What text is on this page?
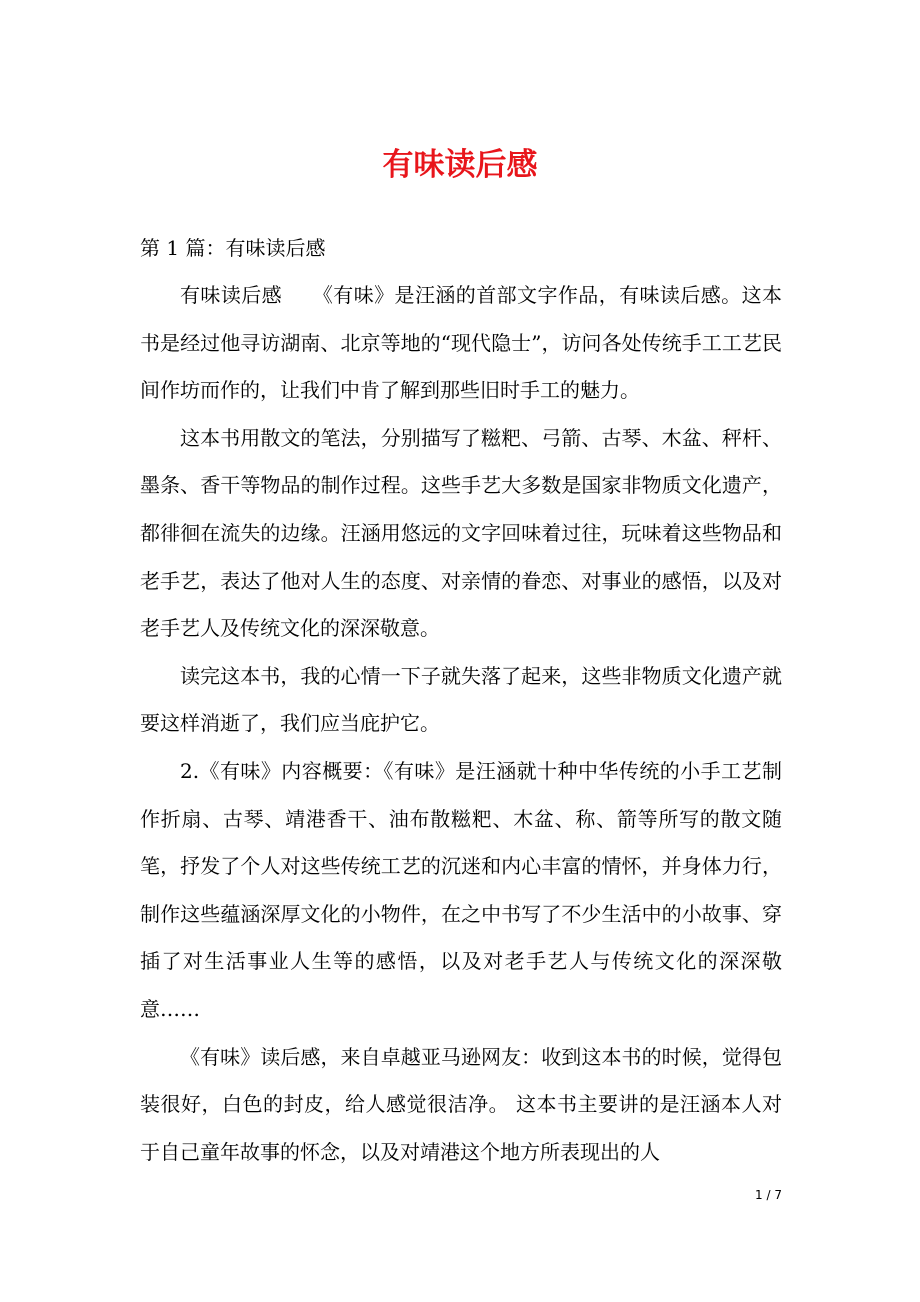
有味读后感

第 1 篇：有味读后感

有味读后感　　《有味》是汪涵的首部文字作品，有味读后感。这本书是经过他寻访湖南、北京等地的“现代隐士”，访问各处传统手工工艺民间作坊而作的，让我们中肯了解到那些旧时手工的魅力。

这本书用散文的笔法，分别描写了糍粑、弓箭、古琴、木盆、秤杆、墨条、香干等物品的制作过程。这些手艺大多数是国家非物质文化遗产，都徘徊在流失的边缘。汪涵用悠远的文字回味着过往，玩味着这些物品和老手艺，表达了他对人生的态度、对亲情的眷恋、对事业的感悟，以及对老手艺人及传统文化的深深敬意。

读完这本书，我的心情一下子就失落了起来，这些非物质文化遗产就要这样消逝了，我们应当庇护它。

2.《有味》内容概要：《有味》是汪涵就十种中华传统的小手工艺制作折扇、古琴、靖港香干、油布散糍粑、木盆、称、箭等所写的散文随笔，抒发了个人对这些传统工艺的沉迷和内心丰富的情怀，并身体力行，制作这些蕴涵深厚文化的小物件，在之中书写了不少生活中的小故事、穿插了对生活事业人生等的感悟，以及对老手艺人与传统文化的深深敬意……

《有味》读后感，来自卓越亚马逊网友：收到这本书的时候，觉得包装很好，白色的封皮，给人感觉很洁净。 这本书主要讲的是汪涵本人对于自己童年故事的怀念，以及对靖港这个地方所表现出的人

1 / 7
